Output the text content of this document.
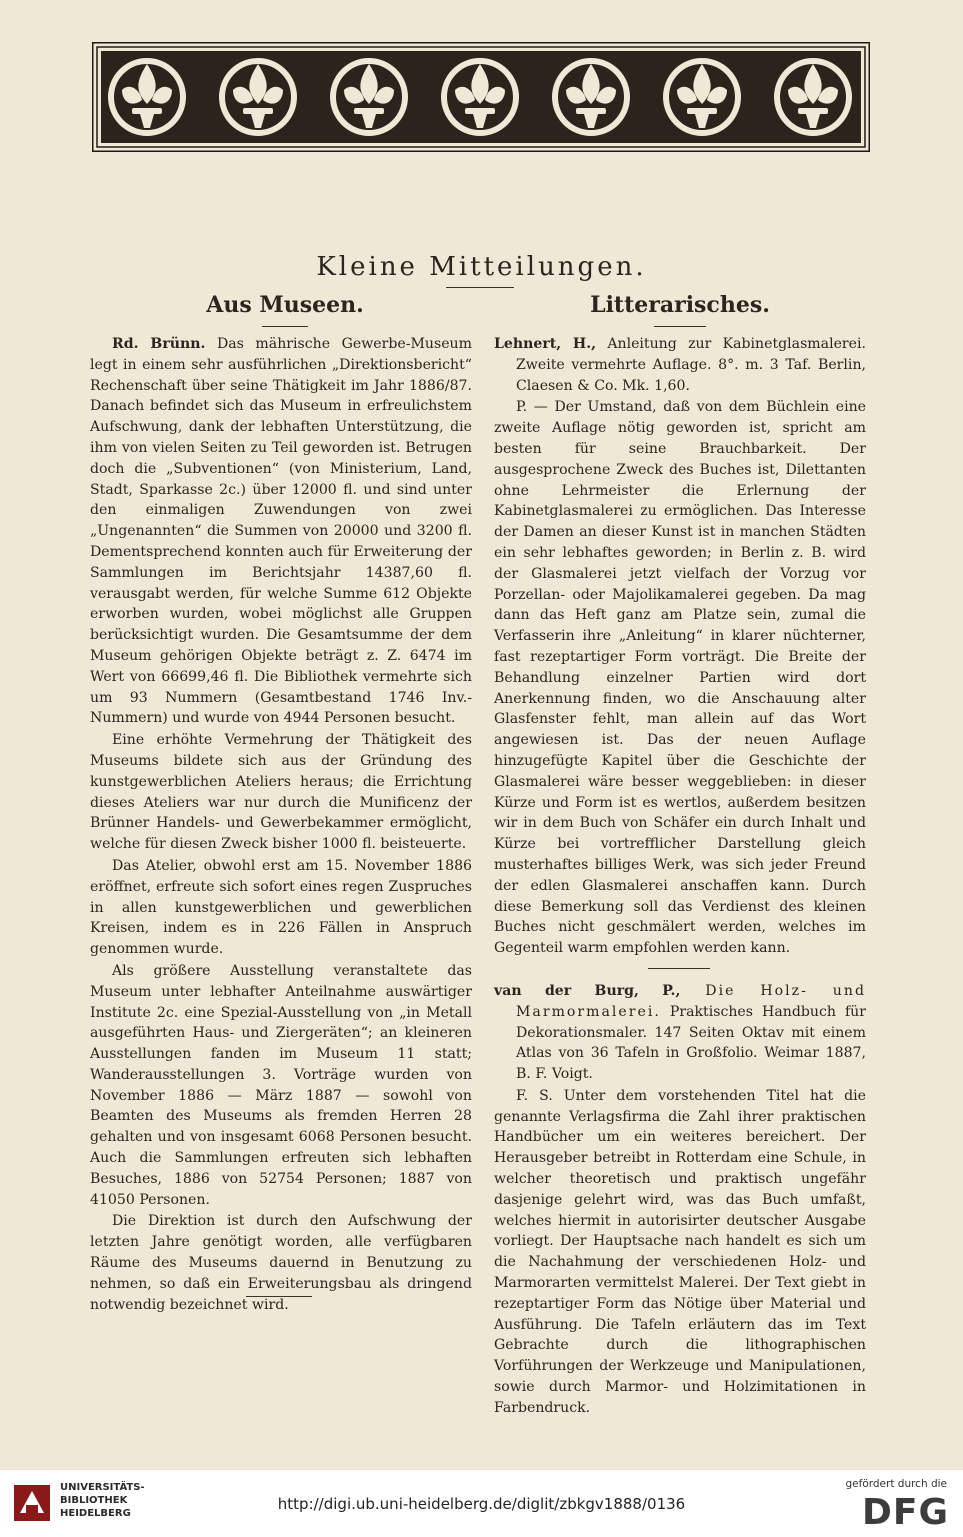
Kleine Mitteilungen.
Aus Museen.	Litterarisches.

Rd. Brünn. Das mährische Gewerbe-Museum legt in einem sehr ausführlichen „Direktionsbericht“ Rechenschaft über seine Thätigkeit im Jahr 1886/87. Danach befindet sich das Museum in erfreulichstem Aufschwung, dank der lebhaften Unterstützung, die ihm von vielen Seiten zu Teil geworden ist. Betrugen doch die „Subventionen“ (von Ministerium, Land, Stadt, Sparkasse 2c.) über 12000 fl. und sind unter den einmaligen Zuwendungen von zwei „Ungenannten“ die Summen von 20000 und 3200 fl. Dementsprechend konnten auch für Erweiterung der Sammlungen im Berichtsjahr 14387,60 fl. verausgabt werden, für welche Summe 612 Objekte erworben wurden, wobei möglichst alle Gruppen berücksichtigt wurden. Die Gesamtsumme der dem Museum gehörigen Objekte beträgt z. Z. 6474 im Wert von 66699,46 fl. Die Bibliothek vermehrte sich um 93 Nummern (Gesamtbestand 1746 Inv.-Nummern) und wurde von 4944 Personen besucht.

Eine erhöhte Vermehrung der Thätigkeit des Museums bildete sich aus der Gründung des kunstgewerblichen Ateliers heraus; die Errichtung dieses Ateliers war nur durch die Munificenz der Brünner Handels- und Gewerbekammer ermöglicht, welche für diesen Zweck bisher 1000 fl. beisteuerte.

Das Atelier, obwohl erst am 15. November 1886 eröffnet, erfreute sich sofort eines regen Zuspruches in allen kunstgewerblichen und gewerblichen Kreisen, indem es in 226 Fällen in Anspruch genommen wurde.

Als größere Ausstellung veranstaltete das Museum unter lebhafter Anteilnahme auswärtiger Institute 2c. eine Spezial-Ausstellung von „in Metall ausgeführten Haus- und Ziergeräten“; an kleineren Ausstellungen fanden im Museum 11 statt; Wanderausstellungen 3. Vorträge wurden von November 1886 — März 1887 — sowohl von Beamten des Museums als fremden Herren 28 gehalten und von insgesamt 6068 Personen besucht. Auch die Sammlungen erfreuten sich lebhaften Besuches, 1886 von 52754 Personen; 1887 von 41050 Personen.

Die Direktion ist durch den Aufschwung der letzten Jahre genötigt worden, alle verfügbaren Räume des Museums dauernd in Benutzung zu nehmen, so daß ein Erweiterungsbau als dringend notwendig bezeichnet wird.

Lehnert, H., Anleitung zur Kabinetglasmalerei. Zweite vermehrte Auflage. 8°. m. 3 Taf. Berlin, Claesen & Co. Mk. 1,60.

P. — Der Umstand, daß von dem Büchlein eine zweite Auflage nötig geworden ist, spricht am besten für seine Brauchbarkeit. Der ausgesprochene Zweck des Buches ist, Dilettanten ohne Lehrmeister die Erlernung der Kabinetglasmalerei zu ermöglichen. Das Interesse der Damen an dieser Kunst ist in manchen Städten ein sehr lebhaftes geworden; in Berlin z. B. wird der Glasmalerei jetzt vielfach der Vorzug vor Porzellan- oder Majolikamalerei gegeben. Da mag dann das Heft ganz am Platze sein, zumal die Verfasserin ihre „Anleitung“ in klarer nüchterner, fast rezeptartiger Form vorträgt. Die Breite der Behandlung einzelner Partien wird dort Anerkennung finden, wo die Anschauung alter Glasfenster fehlt, man allein auf das Wort angewiesen ist. Das der neuen Auflage hinzugefügte Kapitel über die Geschichte der Glasmalerei wäre besser weggeblieben: in dieser Kürze und Form ist es wertlos, außerdem besitzen wir in dem Buch von Schäfer ein durch Inhalt und Kürze bei vortrefflicher Darstellung gleich musterhaftes billiges Werk, was sich jeder Freund der edlen Glasmalerei anschaffen kann. Durch diese Bemerkung soll das Verdienst des kleinen Buches nicht geschmälert werden, welches im Gegenteil warm empfohlen werden kann.

van der Burg, P., Die Holz- und Marmormalerei. Praktisches Handbuch für Dekorationsmaler. 147 Seiten Oktav mit einem Atlas von 36 Tafeln in Großfolio. Weimar 1887, B. F. Voigt.

F. S. Unter dem vorstehenden Titel hat die genannte Verlagsfirma die Zahl ihrer praktischen Handbücher um ein weiteres bereichert. Der Herausgeber betreibt in Rotterdam eine Schule, in welcher theoretisch und praktisch ungefähr dasjenige gelehrt wird, was das Buch umfaßt, welches hiermit in autorisirter deutscher Ausgabe vorliegt. Der Hauptsache nach handelt es sich um die Nachahmung der verschiedenen Holz- und Marmorarten vermittelst Malerei. Der Text giebt in rezeptartiger Form das Nötige über Material und Ausführung. Die Tafeln erläutern das im Text Gebrachte durch die lithographischen Vorführungen der Werkzeuge und Manipulationen, sowie durch Marmor- und Holzimitationen in Farbendruck.

UNIVERSITÄTS-
BIBLIOTHEK
HEIDELBERG
http://digi.ub.uni-heidelberg.de/diglit/zbkgv1888/0136
gefördert durch die
DFG
